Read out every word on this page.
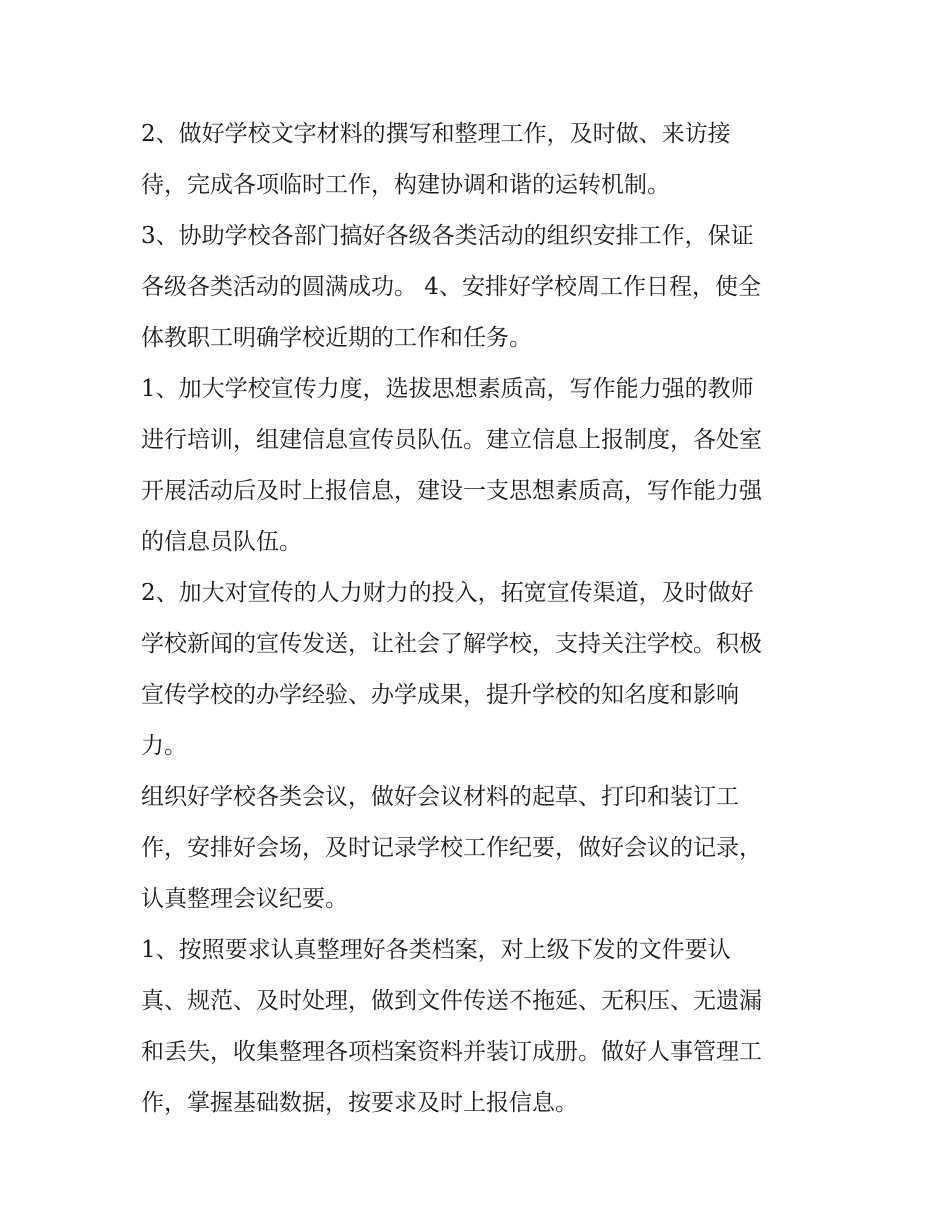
2、做好学校文字材料的撰写和整理工作，及时做、来访接
待，完成各项临时工作，构建协调和谐的运转机制。
3、协助学校各部门搞好各级各类活动的组织安排工作，保证
各级各类活动的圆满成功。 4、安排好学校周工作日程，使全
体教职工明确学校近期的工作和任务。
1、加大学校宣传力度，选拔思想素质高，写作能力强的教师
进行培训，组建信息宣传员队伍。建立信息上报制度，各处室
开展活动后及时上报信息，建设一支思想素质高，写作能力强
的信息员队伍。
2、加大对宣传的人力财力的投入，拓宽宣传渠道，及时做好
学校新闻的宣传发送，让社会了解学校，支持关注学校。积极
宣传学校的办学经验、办学成果，提升学校的知名度和影响
力。
组织好学校各类会议，做好会议材料的起草、打印和装订工
作，安排好会场，及时记录学校工作纪要，做好会议的记录，
认真整理会议纪要。
1、按照要求认真整理好各类档案，对上级下发的文件要认
真、规范、及时处理，做到文件传送不拖延、无积压、无遗漏
和丢失，收集整理各项档案资料并装订成册。做好人事管理工
作，掌握基础数据，按要求及时上报信息。
